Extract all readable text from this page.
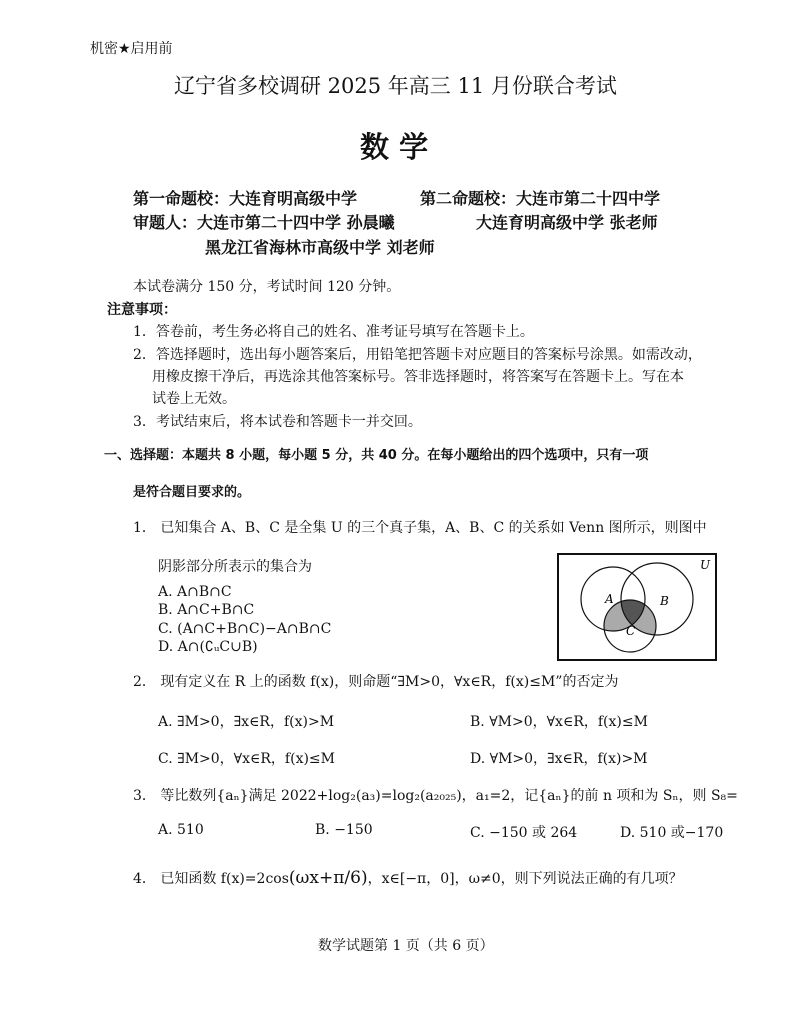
机密★启用前
辽宁省多校调研 2025 年高三 11 月份联合考试
数 学
第一命题校：大连育明高级中学	第二命题校：大连市第二十四中学
审题人：大连市第二十四中学 孙晨曦	大连育明高级中学 张老师
黑龙江省海林市高级中学 刘老师
本试卷满分 150 分，考试时间 120 分钟。
注意事项：
1．答卷前，考生务必将自己的姓名、准考证号填写在答题卡上。
2．答选择题时，选出每小题答案后，用铅笔把答题卡对应题目的答案标号涂黑。如需改动，
用橡皮擦干净后，再选涂其他答案标号。答非选择题时，将答案写在答题卡上。写在本
试卷上无效。
3．考试结束后，将本试卷和答题卡一并交回。
一、选择题：本题共 8 小题，每小题 5 分，共 40 分。在每小题给出的四个选项中，只有一项
是符合题目要求的。
1． 已知集合 A、B、C 是全集 U 的三个真子集，A、B、C 的关系如 Venn 图所示，则图中
阴影部分所表示的集合为
A. A∩B∩C
B. A∩C+B∩C
C. (A∩C+B∩C)−A∩B∩C
D. A∩(∁ᵤC∪B)
U
A	B
C
2． 现有定义在 R 上的函数 f(x)，则命题“∃M>0，∀x∈R，f(x)≤M”的否定为
A. ∃M>0，∃x∈R，f(x)>M	B. ∀M>0，∀x∈R，f(x)≤M
C. ∃M>0，∀x∈R，f(x)≤M	D. ∀M>0，∃x∈R，f(x)>M
3． 等比数列{aₙ}满足 2022+log₂(a₃)=log₂(a₂₀₂₅)，a₁=2，记{aₙ}的前 n 项和为 Sₙ，则 S₈=
A. 510	B. −150	C. −150 或 264	D. 510 或−170
4． 已知函数 f(x)=2cos(ωx+π/6)，x∈[−π，0]，ω≠0，则下列说法正确的有几项？
数学试题第 1 页（共 6 页）
